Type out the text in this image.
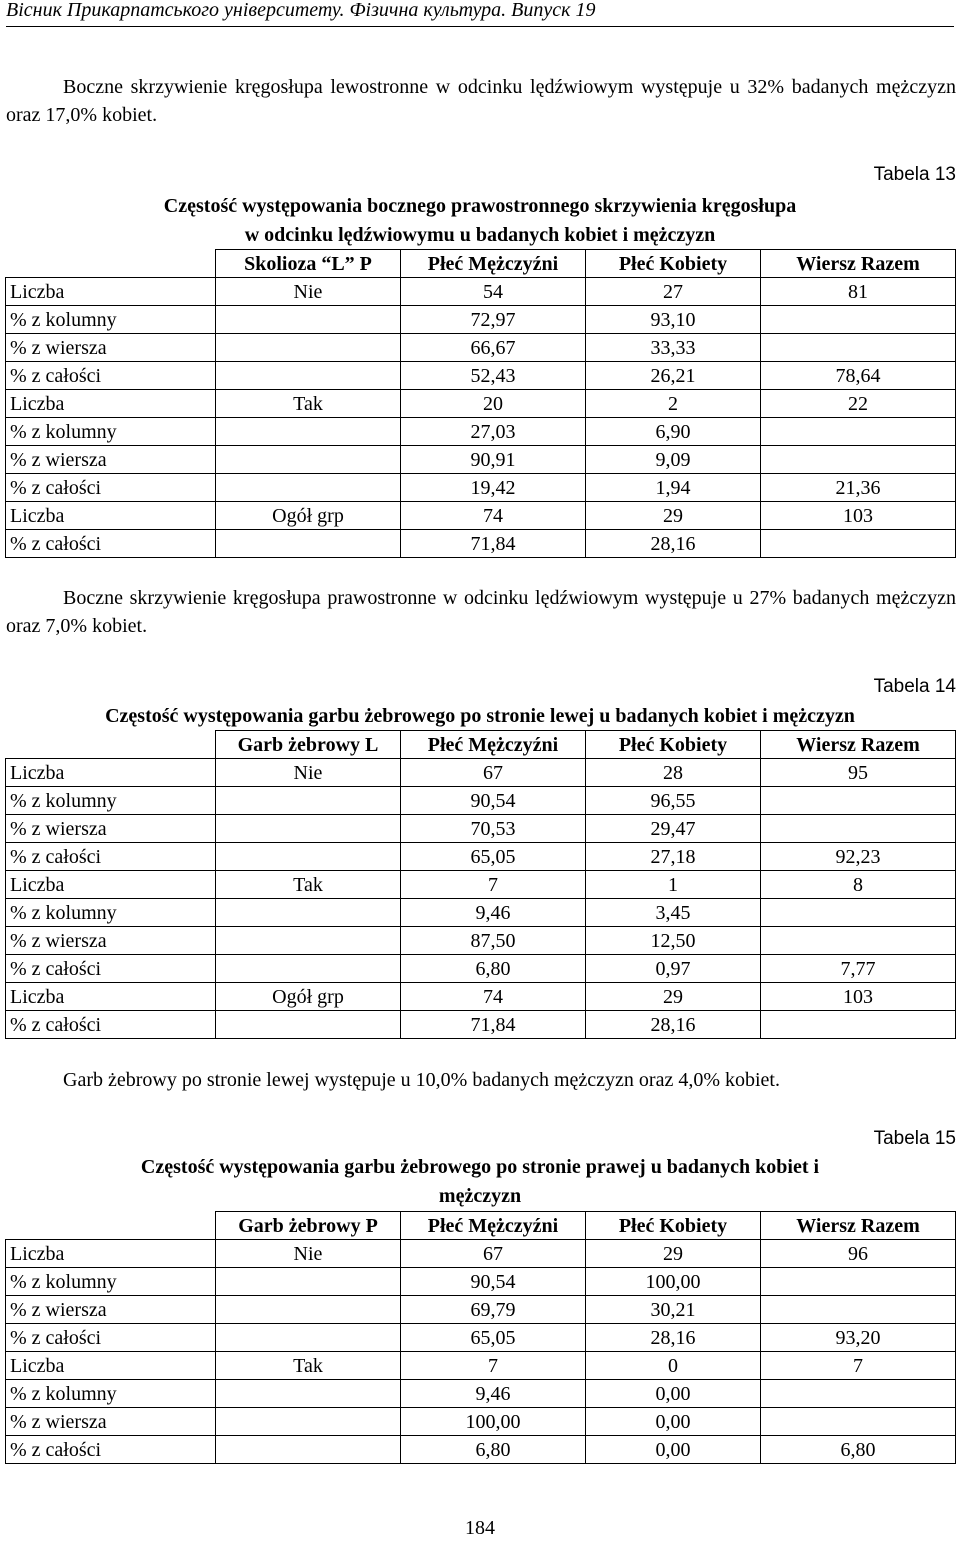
Вісник Прикарпатського університету. Фізична культура. Випуск 19
Boczne skrzywienie kręgosłupa lewostronne w odcinku lędźwiowym występuje u 32% badanych mężczyzn oraz 17,0% kobiet.
Tabela 13
Częstość występowania bocznego prawostronnego skrzywienia kręgosłupa
w odcinku lędźwiowymu u badanych kobiet i mężczyzn
	Skolioza “L” P	Płeć Mężczyźni	Płeć Kobiety	Wiersz Razem
Liczba	Nie	54	27	81
% z kolumny		72,97	93,10	
% z wiersza		66,67	33,33	
% z całości		52,43	26,21	78,64
Liczba	Tak	20	2	22
% z kolumny		27,03	6,90	
% z wiersza		90,91	9,09	
% z całości		19,42	1,94	21,36
Liczba	Ogół grp	74	29	103
% z całości		71,84	28,16	
Boczne skrzywienie kręgosłupa prawostronne w odcinku lędźwiowym występuje u 27% badanych mężczyzn oraz 7,0% kobiet.
Tabela 14
Częstość występowania garbu żebrowego po stronie lewej u badanych kobiet i mężczyzn
	Garb żebrowy L	Płeć Mężczyźni	Płeć Kobiety	Wiersz Razem
Liczba	Nie	67	28	95
% z kolumny		90,54	96,55	
% z wiersza		70,53	29,47	
% z całości		65,05	27,18	92,23
Liczba	Tak	7	1	8
% z kolumny		9,46	3,45	
% z wiersza		87,50	12,50	
% z całości		6,80	0,97	7,77
Liczba	Ogół grp	74	29	103
% z całości		71,84	28,16	
Garb żebrowy po stronie lewej występuje u 10,0% badanych mężczyzn oraz 4,0% kobiet.
Tabela 15
Częstość występowania garbu żebrowego po stronie prawej u badanych kobiet i
mężczyzn
	Garb żebrowy P	Płeć Mężczyźni	Płeć Kobiety	Wiersz Razem
Liczba	Nie	67	29	96
% z kolumny		90,54	100,00	
% z wiersza		69,79	30,21	
% z całości		65,05	28,16	93,20
Liczba	Tak	7	0	7
% z kolumny		9,46	0,00	
% z wiersza		100,00	0,00	
% z całości		6,80	0,00	6,80
184
